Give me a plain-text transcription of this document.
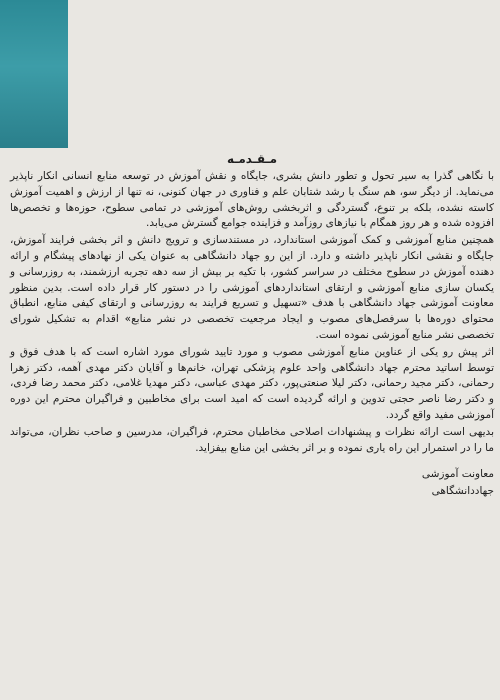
مـقـدمـه

با نگاهی گذرا به سیر تحول و تطور دانش بشری، جایگاه و نقش آموزش در توسعه منابع انسانی انکار ناپذیر می‌نماید. از دیگر سو، هم سنگ با رشد شتابان علم و فناوری در جهان کنونی، نه تنها از ارزش و اهمیت آموزش کاسته نشده، بلکه بر تنوع، گستردگی و اثربخشی روش‌های آموزشی در تمامی سطوح، حوزه‌ها و تخصص‌ها افزوده شده و هر روز همگام با نیازهای روزآمد و فزاینده جوامع گسترش می‌یابد.

همچنین منابع آموزشی و کمک آموزشی استاندارد، در مستندسازی و ترویج دانش و اثر بخشی فرایند آموزش، جایگاه و نقشی انکار ناپذیر داشته و دارد. از این رو جهاد دانشگاهی به عنوان یکی از نهادهای پیشگام و ارائه دهنده آموزش در سطوح مختلف در سراسر کشور، با تکیه بر بیش از سه دهه تجربه ارزشمند، به روزرسانی و یکسان سازی منابع آموزشی و ارتقای استانداردهای آموزشی را در دستور کار قرار داده است. بدین منظور معاونت آموزشی جهاد دانشگاهی با هدف «تسهیل و تسریع فرایند به روزرسانی و ارتقای کیفی منابع، انطباق محتوای دوره‌ها با سرفصل‌های مصوب و ایجاد مرجعیت تخصصی در نشر منابع» اقدام به تشکیل شورای تخصصی نشر منابع آموزشی نموده است.

اثر پیش رو یکی از عناوین منابع آموزشی مصوب و مورد تایید شورای مورد اشاره است که با هدف فوق و توسط اساتید محترم جهاد دانشگاهی واحد علوم پزشکی تهران، خانم‌ها و آقایان دکتر مهدی آهمه، دکتر زهرا رحمانی، دکتر مجید رحمانی، دکتر لیلا صنعتی‌پور، دکتر مهدی عباسی، دکتر مهدیا غلامی، دکتر محمد رضا فردی، و دکتر رضا ناصر حجتی تدوین و ارائه گردیده است که امید است برای مخاطبین و فراگیران محترم این دوره آموزشی مفید واقع گردد.

بدیهی است ارائه نظرات و پیشنهادات اصلاحی مخاطبان محترم، فراگیران، مدرسین و صاحب نظران، می‌تواند ما را در استمرار این راه یاری نموده و بر اثر بخشی این منابع بیفزاید.

معاونت آموزشی
جهاددانشگاهی
